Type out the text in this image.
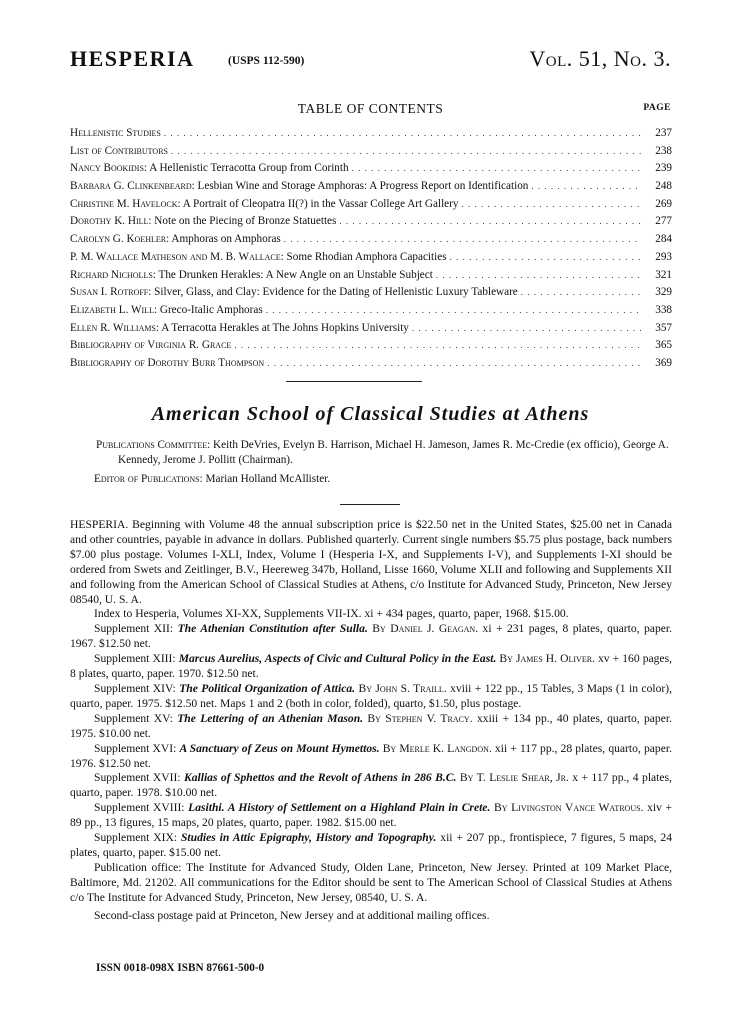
HESPERIA	(USPS 112-590)	Vol. 51, No. 3.
TABLE OF CONTENTS	PAGE
Hellenistic Studies . . .	237
List of Contributors . . .	238
Nancy Bookidis: A Hellenistic Terracotta Group from Corinth . . .	239
Barbara G. Clinkenbeard: Lesbian Wine and Storage Amphoras: A Progress Report on Identification . . .	248
Christine M. Havelock: A Portrait of Cleopatra II(?) in the Vassar College Art Gallery . . .	269
Dorothy K. Hill: Note on the Piecing of Bronze Statuettes . . .	277
Carolyn G. Koehler: Amphoras on Amphoras . . .	284
P. M. Wallace Matheson and M. B. Wallace: Some Rhodian Amphora Capacities . . .	293
Richard Nicholls: The Drunken Herakles: A New Angle on an Unstable Subject . . .	321
Susan I. Rotroff: Silver, Glass, and Clay: Evidence for the Dating of Hellenistic Luxury Tableware . . .	329
Elizabeth L. Will: Greco-Italic Amphoras . . .	338
Ellen R. Williams: A Terracotta Herakles at The Johns Hopkins University . . .	357
Bibliography of Virginia R. Grace . . .	365
Bibliography of Dorothy Burr Thompson . . .	369
American School of Classical Studies at Athens
Publications Committee: Keith DeVries, Evelyn B. Harrison, Michael H. Jameson, James R. Mc-Credie (ex officio), George A. Kennedy, Jerome J. Pollitt (Chairman).
Editor of Publications: Marian Holland McAllister.

HESPERIA. Beginning with Volume 48 the annual subscription price is $22.50 net in the United States, $25.00 net in Canada and other countries, payable in advance in dollars. Published quarterly. Current single numbers $5.75 plus postage, back numbers $7.00 plus postage. Volumes I-XLI, Index, Volume I (Hesperia I-X, and Supplements I-V), and Supplements I-XI should be ordered from Swets and Zeitlinger, B.V., Heereweg 347b, Holland, Lisse 1660, Volume XLII and following and Supplements XII and following from the American School of Classical Studies at Athens, c/o Institute for Advanced Study, Princeton, New Jersey 08540, U. S. A.

Index to Hesperia, Volumes XI-XX, Supplements VII-IX. xi + 434 pages, quarto, paper, 1968. $15.00.

Supplement XII: The Athenian Constitution after Sulla. By Daniel J. Geagan. xi + 231 pages, 8 plates, quarto, paper. 1967. $12.50 net.

Supplement XIII: Marcus Aurelius, Aspects of Civic and Cultural Policy in the East. By James H. Oliver. xv + 160 pages, 8 plates, quarto, paper. 1970. $12.50 net.

Supplement XIV: The Political Organization of Attica. By John S. Traill. xviii + 122 pp., 15 Tables, 3 Maps (1 in color), quarto, paper. 1975. $12.50 net. Maps 1 and 2 (both in color, folded), quarto, $1.50, plus postage.

Supplement XV: The Lettering of an Athenian Mason. By Stephen V. Tracy. xxiii + 134 pp., 40 plates, quarto, paper. 1975. $10.00 net.

Supplement XVI: A Sanctuary of Zeus on Mount Hymettos. By Merle K. Langdon. xii + 117 pp., 28 plates, quarto, paper. 1976. $12.50 net.

Supplement XVII: Kallias of Sphettos and the Revolt of Athens in 286 B.C. By T. Leslie Shear, Jr. x + 117 pp., 4 plates, quarto, paper. 1978. $10.00 net.

Supplement XVIII: Lasithi. A History of Settlement on a Highland Plain in Crete. By Livingston Vance Watrous. xiv + 89 pp., 13 figures, 15 maps, 20 plates, quarto, paper. 1982. $15.00 net.

Supplement XIX: Studies in Attic Epigraphy, History and Topography. xii + 207 pp., frontispiece, 7 figures, 5 maps, 24 plates, quarto, paper. $15.00 net.

Publication office: The Institute for Advanced Study, Olden Lane, Princeton, New Jersey. Printed at 109 Market Place, Baltimore, Md. 21202. All communications for the Editor should be sent to The American School of Classical Studies at Athens c/o The Institute for Advanced Study, Princeton, New Jersey, 08540, U. S. A.

Second-class postage paid at Princeton, New Jersey and at additional mailing offices.

ISSN 0018-098X ISBN 87661-500-0
